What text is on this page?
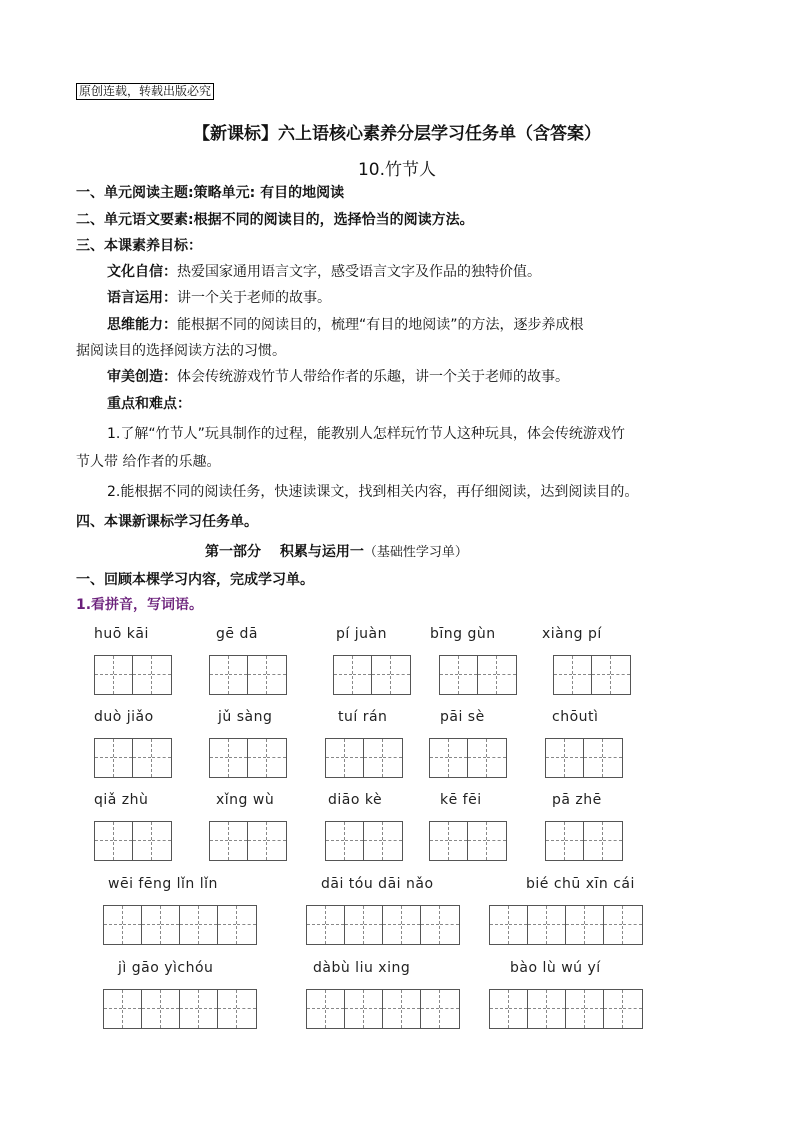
原创连载，转载出版必究
【新课标】六上语核心素养分层学习任务单（含答案）
10.竹节人
一、单元阅读主题:策略单元: 有目的地阅读
二、单元语文要素:根据不同的阅读目的，选择恰当的阅读方法。
三、本课素养目标：
文化自信：热爱国家通用语言文字，感受语言文字及作品的独特价值。
语言运用：讲一个关于老师的故事。
思维能力：能根据不同的阅读目的，梳理“有目的地阅读”的方法，逐步养成根
据阅读目的选择阅读方法的习惯。
审美创造：体会传统游戏竹节人带给作者的乐趣，讲一个关于老师的故事。
重点和难点：
1.了解“竹节人”玩具制作的过程，能教别人怎样玩竹节人这种玩具，体会传统游戏竹
节人带 给作者的乐趣。
2.能根据不同的阅读任务，快速读课文，找到相关内容，再仔细阅读，达到阅读目的。
四、本课新课标学习任务单。
第一部分　 积累与运用一（基础性学习单）
一、回顾本棵学习内容，完成学习单。
1.看拼音，写词语。
huō kāi	gē dā	pí juàn	bīng gùn	xiàng pí
duò jiǎo	jǔ sàng	tuí rán	pāi sè	chōutì
qiǎ zhù	xǐng wù	diāo kè	kē fēi	pā zhē
wēi fēng lǐn lǐn	dāi tóu dāi nǎo	bié chū xīn cái
jì gāo yìchóu	dàbù liu xing	bào lù wú yí
